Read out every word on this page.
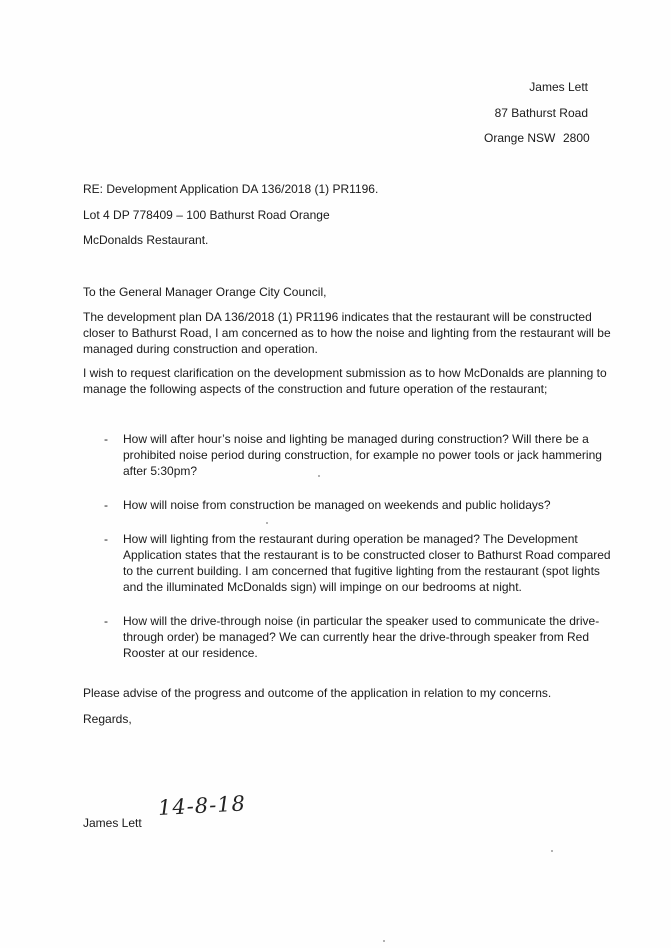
James Lett
87 Bathurst Road
Orange NSW 2800
RE: Development Application DA 136/2018 (1) PR1196.
Lot 4 DP 778409 – 100 Bathurst Road Orange
McDonalds Restaurant.
To the General Manager Orange City Council,
The development plan DA 136/2018 (1) PR1196 indicates that the restaurant will be constructed
closer to Bathurst Road, I am concerned as to how the noise and lighting from the restaurant will be
managed during construction and operation.
I wish to request clarification on the development submission as to how McDonalds are planning to
manage the following aspects of the construction and future operation of the restaurant;
- How will after hour’s noise and lighting be managed during construction? Will there be a
prohibited noise period during construction, for example no power tools or jack hammering
after 5:30pm?
- How will noise from construction be managed on weekends and public holidays?
- How will lighting from the restaurant during operation be managed? The Development
Application states that the restaurant is to be constructed closer to Bathurst Road compared
to the current building. I am concerned that fugitive lighting from the restaurant (spot lights
and the illuminated McDonalds sign) will impinge on our bedrooms at night.
- How will the drive-through noise (in particular the speaker used to communicate the drive-
through order) be managed? We can currently hear the drive-through speaker from Red
Rooster at our residence.
Please advise of the progress and outcome of the application in relation to my concerns.
Regards,
14-8-18
James Lett
